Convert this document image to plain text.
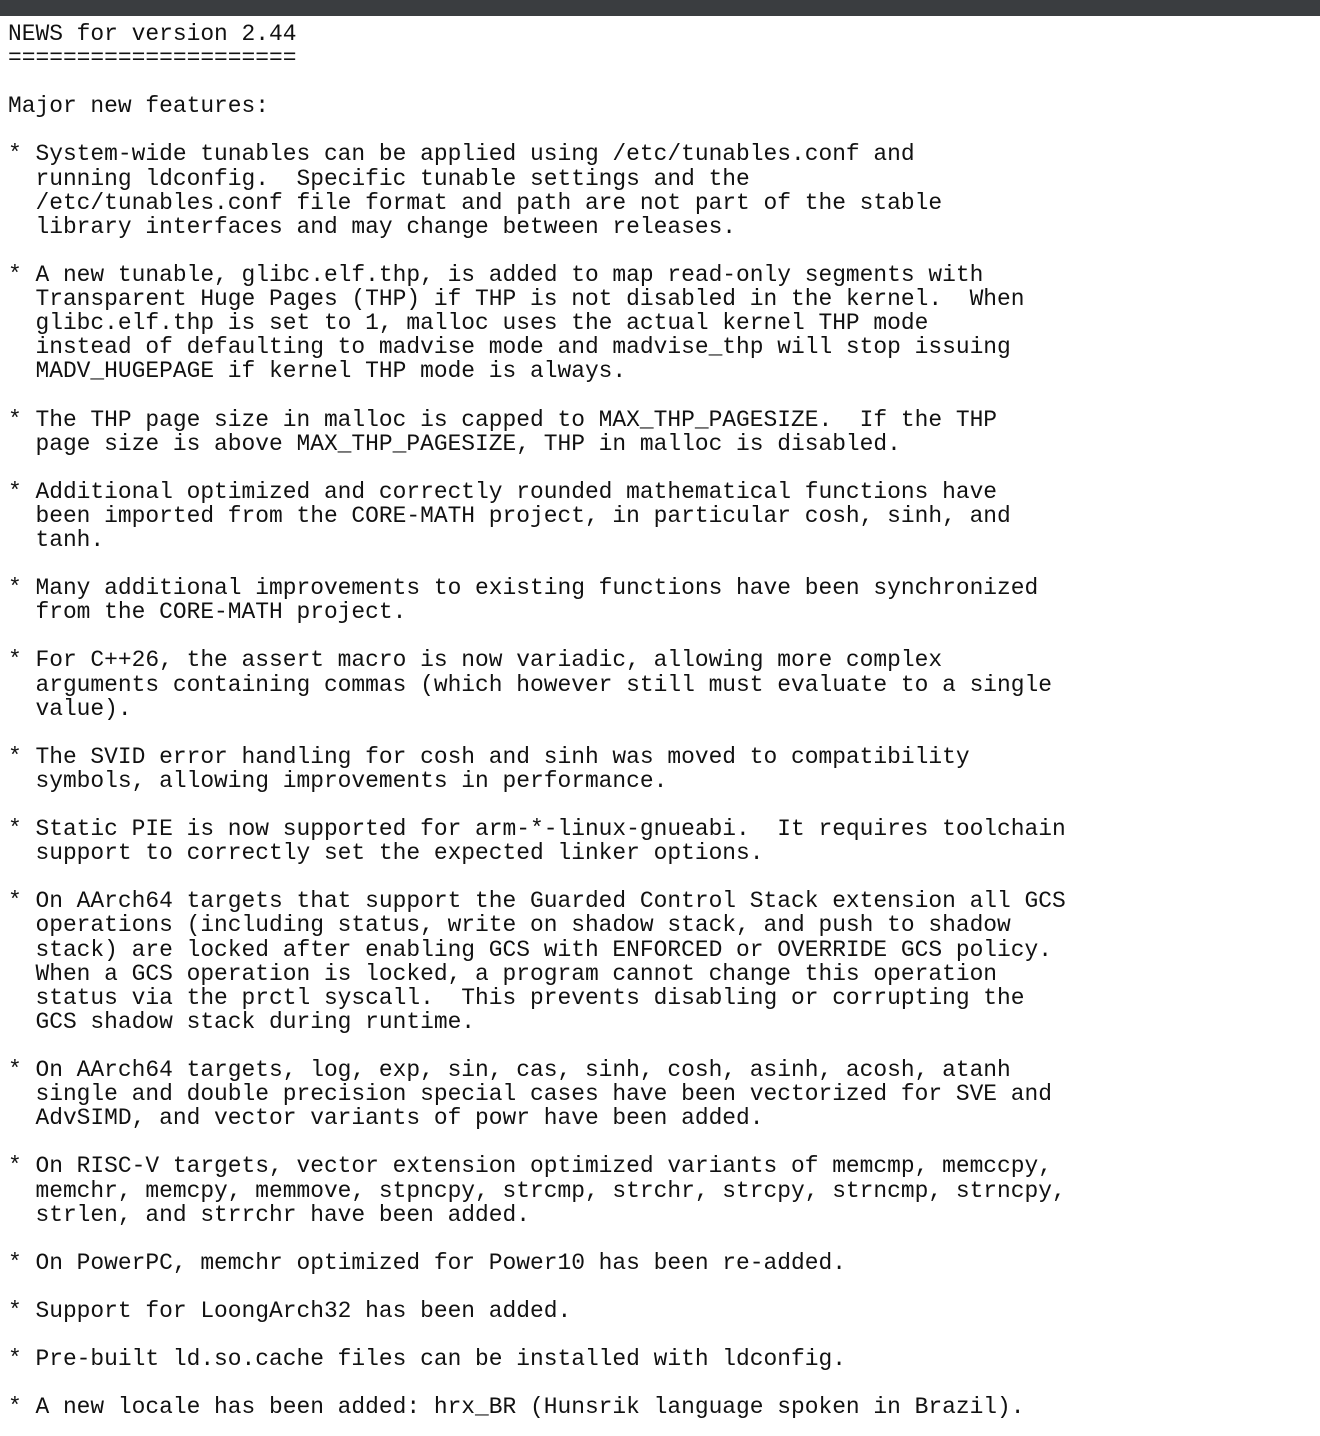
NEWS for version 2.44
=====================
Major new features:
* System-wide tunables can be applied using /etc/tunables.conf and
running ldconfig.  Specific tunable settings and the
/etc/tunables.conf file format and path are not part of the stable
library interfaces and may change between releases.
* A new tunable, glibc.elf.thp, is added to map read-only segments with
Transparent Huge Pages (THP) if THP is not disabled in the kernel.  When
glibc.elf.thp is set to 1, malloc uses the actual kernel THP mode
instead of defaulting to madvise mode and madvise_thp will stop issuing
MADV_HUGEPAGE if kernel THP mode is always.
* The THP page size in malloc is capped to MAX_THP_PAGESIZE.  If the THP
page size is above MAX_THP_PAGESIZE, THP in malloc is disabled.
* Additional optimized and correctly rounded mathematical functions have
been imported from the CORE-MATH project, in particular cosh, sinh, and
tanh.
* Many additional improvements to existing functions have been synchronized
from the CORE-MATH project.
* For C++26, the assert macro is now variadic, allowing more complex
arguments containing commas (which however still must evaluate to a single
value).
* The SVID error handling for cosh and sinh was moved to compatibility
symbols, allowing improvements in performance.
* Static PIE is now supported for arm-*-linux-gnueabi.  It requires toolchain
support to correctly set the expected linker options.
* On AArch64 targets that support the Guarded Control Stack extension all GCS
operations (including status, write on shadow stack, and push to shadow
stack) are locked after enabling GCS with ENFORCED or OVERRIDE GCS policy.
When a GCS operation is locked, a program cannot change this operation
status via the prctl syscall.  This prevents disabling or corrupting the
GCS shadow stack during runtime.
* On AArch64 targets, log, exp, sin, cas, sinh, cosh, asinh, acosh, atanh
single and double precision special cases have been vectorized for SVE and
AdvSIMD, and vector variants of powr have been added.
* On RISC-V targets, vector extension optimized variants of memcmp, memccpy,
memchr, memcpy, memmove, stpncpy, strcmp, strchr, strcpy, strncmp, strncpy,
strlen, and strrchr have been added.
* On PowerPC, memchr optimized for Power10 has been re-added.
* Support for LoongArch32 has been added.
* Pre-built ld.so.cache files can be installed with ldconfig.
* A new locale has been added: hrx_BR (Hunsrik language spoken in Brazil).
